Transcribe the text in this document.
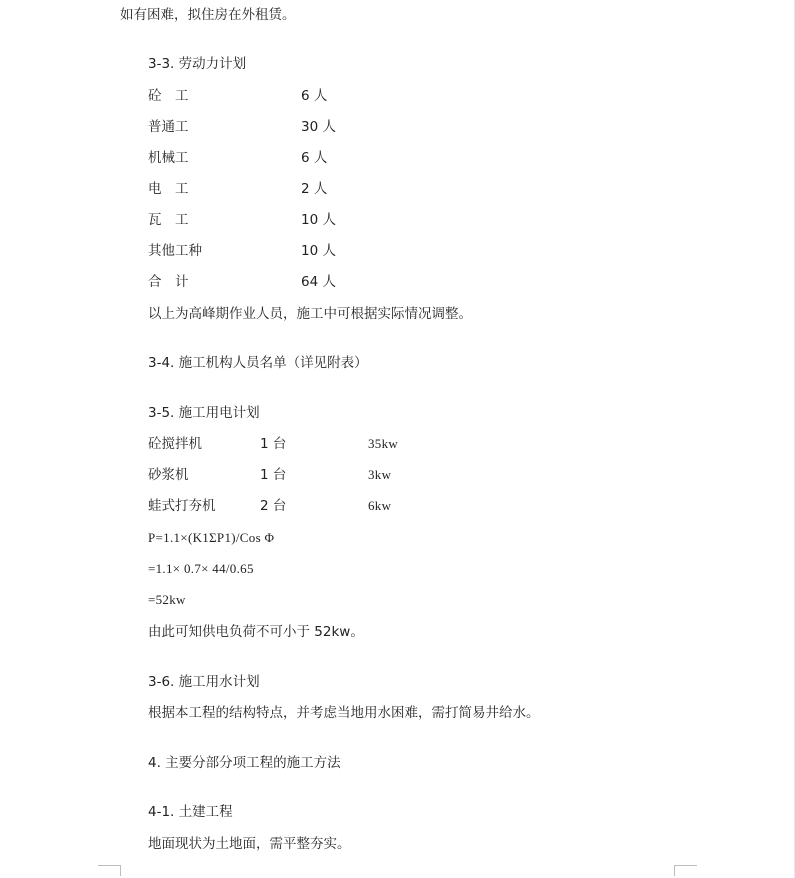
如有困难，拟住房在外租赁。
3-3. 劳动力计划
砼　工	6 人
普通工	30 人
机械工	6 人
电　工	2 人
瓦　工	10 人
其他工种	10 人
合　计	64 人
以上为高峰期作业人员，施工中可根据实际情况调整。
3-4. 施工机构人员名单（详见附表）
3-5. 施工用电计划
砼搅拌机	1 台	35kw
砂浆机	1 台	3kw
蛙式打夯机	2 台	6kw
P=1.1×(K1ΣP1)/Cos Φ
=1.1× 0.7× 44/0.65
=52kw
由此可知供电负荷不可小于 52kw。
3-6. 施工用水计划
根据本工程的结构特点，并考虑当地用水困难，需打简易井给水。
4. 主要分部分项工程的施工方法
4-1. 土建工程
地面现状为土地面，需平整夯实。
